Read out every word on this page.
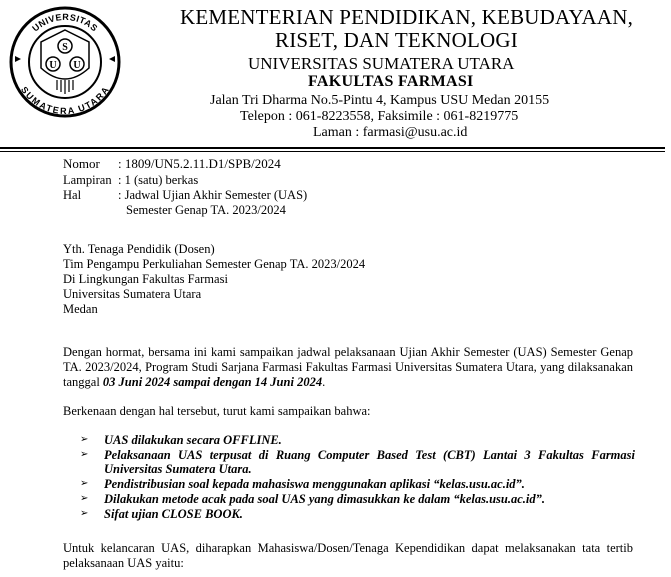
UNIVERSITAS
SUMATERA UTARA
S
U U
KEMENTERIAN PENDIDIKAN, KEBUDAYAAN,
RISET, DAN TEKNOLOGI
UNIVERSITAS SUMATERA UTARA
FAKULTAS FARMASI
Jalan Tri Dharma No.5-Pintu 4, Kampus USU Medan 20155
Telepon : 061-8223558, Faksimile : 061-8219775
Laman : farmasi@usu.ac.id
Nomor : 1809/UN5.2.11.D1/SPB/2024
Lampiran : 1 (satu) berkas
Hal	: Jadwal Ujian Akhir Semester (UAS)
Semester Genap TA. 2023/2024
Yth. Tenaga Pendidik (Dosen)
Tim Pengampu Perkuliahan Semester Genap TA. 2023/2024
Di Lingkungan Fakultas Farmasi
Universitas Sumatera Utara
Medan
Dengan hormat, bersama ini kami sampaikan jadwal pelaksanaan Ujian Akhir Semester (UAS) Semester Genap TA. 2023/2024, Program Studi Sarjana Farmasi Fakultas Farmasi Universitas Sumatera Utara, yang dilaksanakan tanggal 03 Juni 2024 sampai dengan 14 Juni 2024.
Berkenaan dengan hal tersebut, turut kami sampaikan bahwa:
➢	UAS dilakukan secara OFFLINE.
➢	Pelaksanaan UAS terpusat di Ruang Computer Based Test (CBT) Lantai 3 Fakultas Farmasi Universitas Sumatera Utara.
➢	Pendistribusian soal kepada mahasiswa menggunakan aplikasi “kelas.usu.ac.id”.
➢	Dilakukan metode acak pada soal UAS yang dimasukkan ke dalam “kelas.usu.ac.id”.
➢	Sifat ujian CLOSE BOOK.
Untuk kelancaran UAS, diharapkan Mahasiswa/Dosen/Tenaga Kependidikan dapat melaksanakan tata tertib pelaksanaan UAS yaitu:
